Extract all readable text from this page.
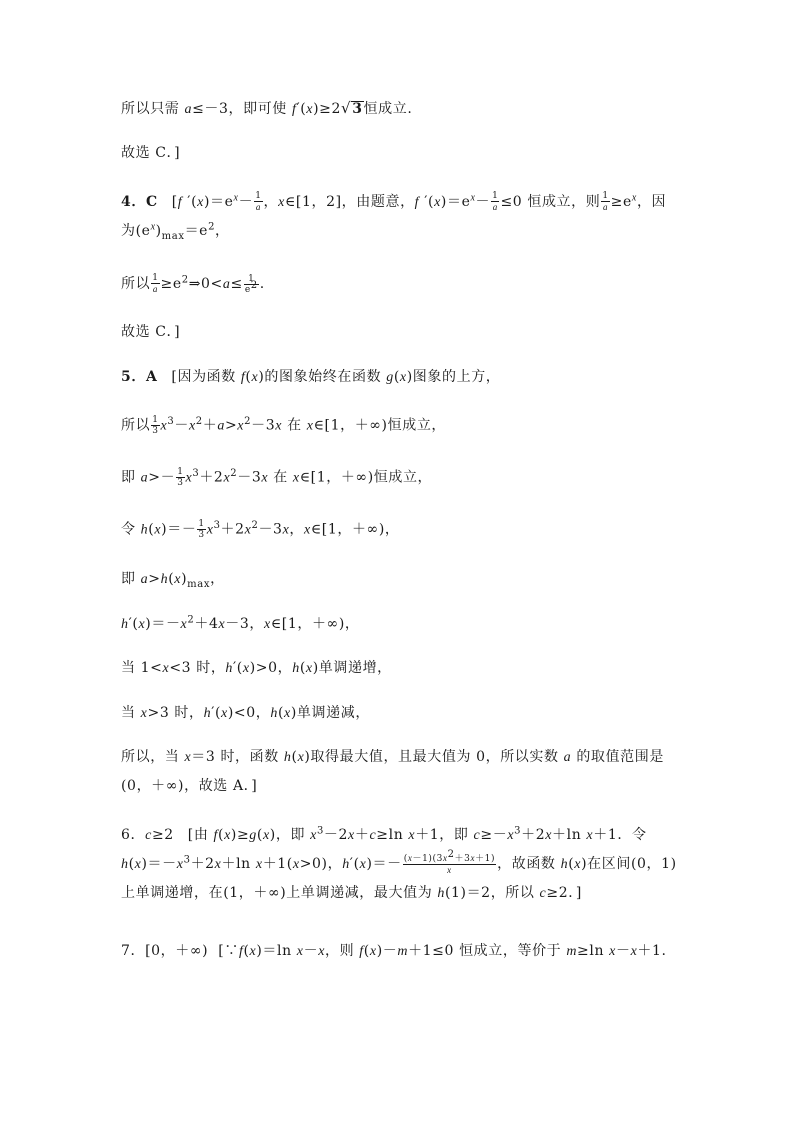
所以只需 a≤－3，即可使 f′(x)≥2√3恒成立.
故选 C．]
4．C [f $'(x)=e^x- \frac{1}{a}$ ，x∈[1，2]，由题意，f $'(x)=e^x- \frac{1}{a} \le 0$ 恒成立，则 $\frac{1}{a} \ge e^x$，因为$(e^x)_{max}=e^2$，
所以 $\frac{1}{a}$ $\ge e^2\Rightarrow 0<a\le \frac{1}{e^2}$ .
故选 C．]
5．A [因为函数 f(x)的图象始终在函数 g(x)图象的上方，
所以 $\frac{1}{3} x^3-x^2+a>x^2-3x$ 在 x∈[1，＋∞)恒成立，
即 $a>- \frac{1}{3} x^3+2x^2-3x$ 在 x∈[1，＋∞)恒成立，
令 $h(x)=- \frac{1}{3} x^3+2x^2-3x$，x∈[1，＋∞)，
即 $a>h(x)_{max}$，
$h'(x)=-x^2+4x-3$，x∈[1，＋∞)，
当 1<x<3 时，h′(x)>0，h(x)单调递增，
当 x>3 时，h′(x)<0，h(x)单调递减，
所以，当 x＝3 时，函数 h(x)取得最大值，且最大值为 0，所以实数 a 的取值范围是(0，＋∞)，故选 A．]
6．c≥2 [由 f(x)≥g(x)，即 $x^3-2x+c\ge\ln$ x＋1，即 $c\ge-x^3+2x+\ln$ x＋1．令 $h(x)=-x^3+2x+\ln$ x＋1(x>0)，$h'(x)=- \frac{(x-1)(3x^2+3x+1)}{x}$ ，故函数 h(x)在区间(0，1)上单调递增，在(1，＋∞)上单调递减，最大值为 h(1)＝2，所以 c≥2．]
7．[0，＋∞)  [∵f(x)＝ln x－x，则 f(x)－m＋1≤0 恒成立，等价于 m≥ln x－x＋1.
